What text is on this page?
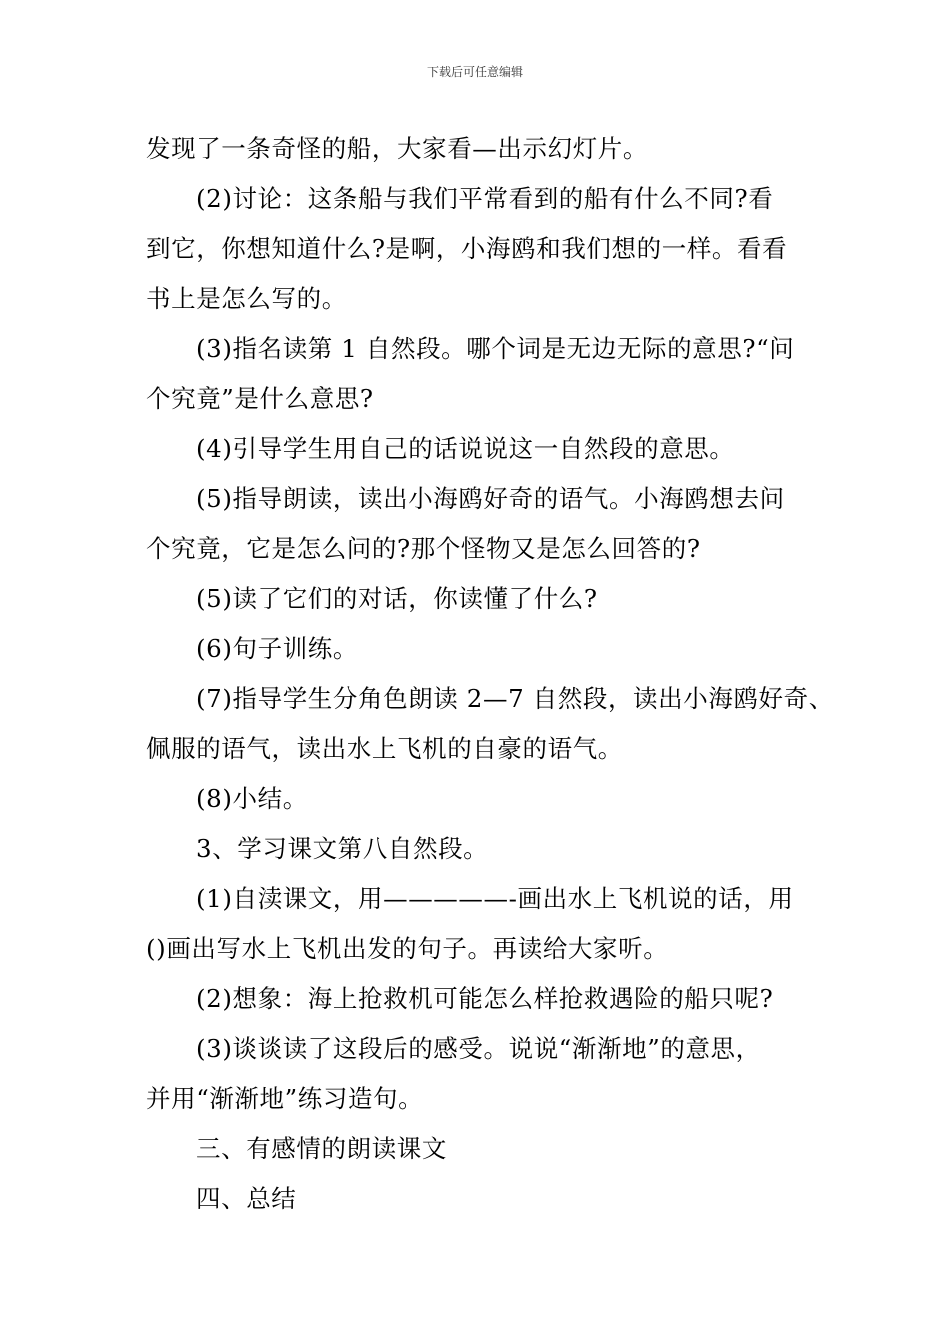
下载后可任意编辑

发现了一条奇怪的船，大家看—出示幻灯片。

(2)讨论：这条船与我们平常看到的船有什么不同?看

到它，你想知道什么?是啊，小海鸥和我们想的一样。看看

书上是怎么写的。

(3)指名读第 1 自然段。哪个词是无边无际的意思?“问

个究竟”是什么意思?

(4)引导学生用自己的话说说这一自然段的意思。

(5)指导朗读，读出小海鸥好奇的语气。小海鸥想去问

个究竟，它是怎么问的?那个怪物又是怎么回答的?

(5)读了它们的对话，你读懂了什么?

(6)句子训练。

(7)指导学生分角色朗读 2—7 自然段，读出小海鸥好奇、

佩服的语气，读出水上飞机的自豪的语气。

(8)小结。

3、学习课文第八自然段。

(1)自渎课文，用—————-画出水上飞机说的话，用

()画出写水上飞机出发的句子。再读给大家听。

(2)想象：海上抢救机可能怎么样抢救遇险的船只呢?

(3)谈谈读了这段后的感受。说说“渐渐地”的意思，

并用“渐渐地”练习造句。

三、有感情的朗读课文

四、总结
